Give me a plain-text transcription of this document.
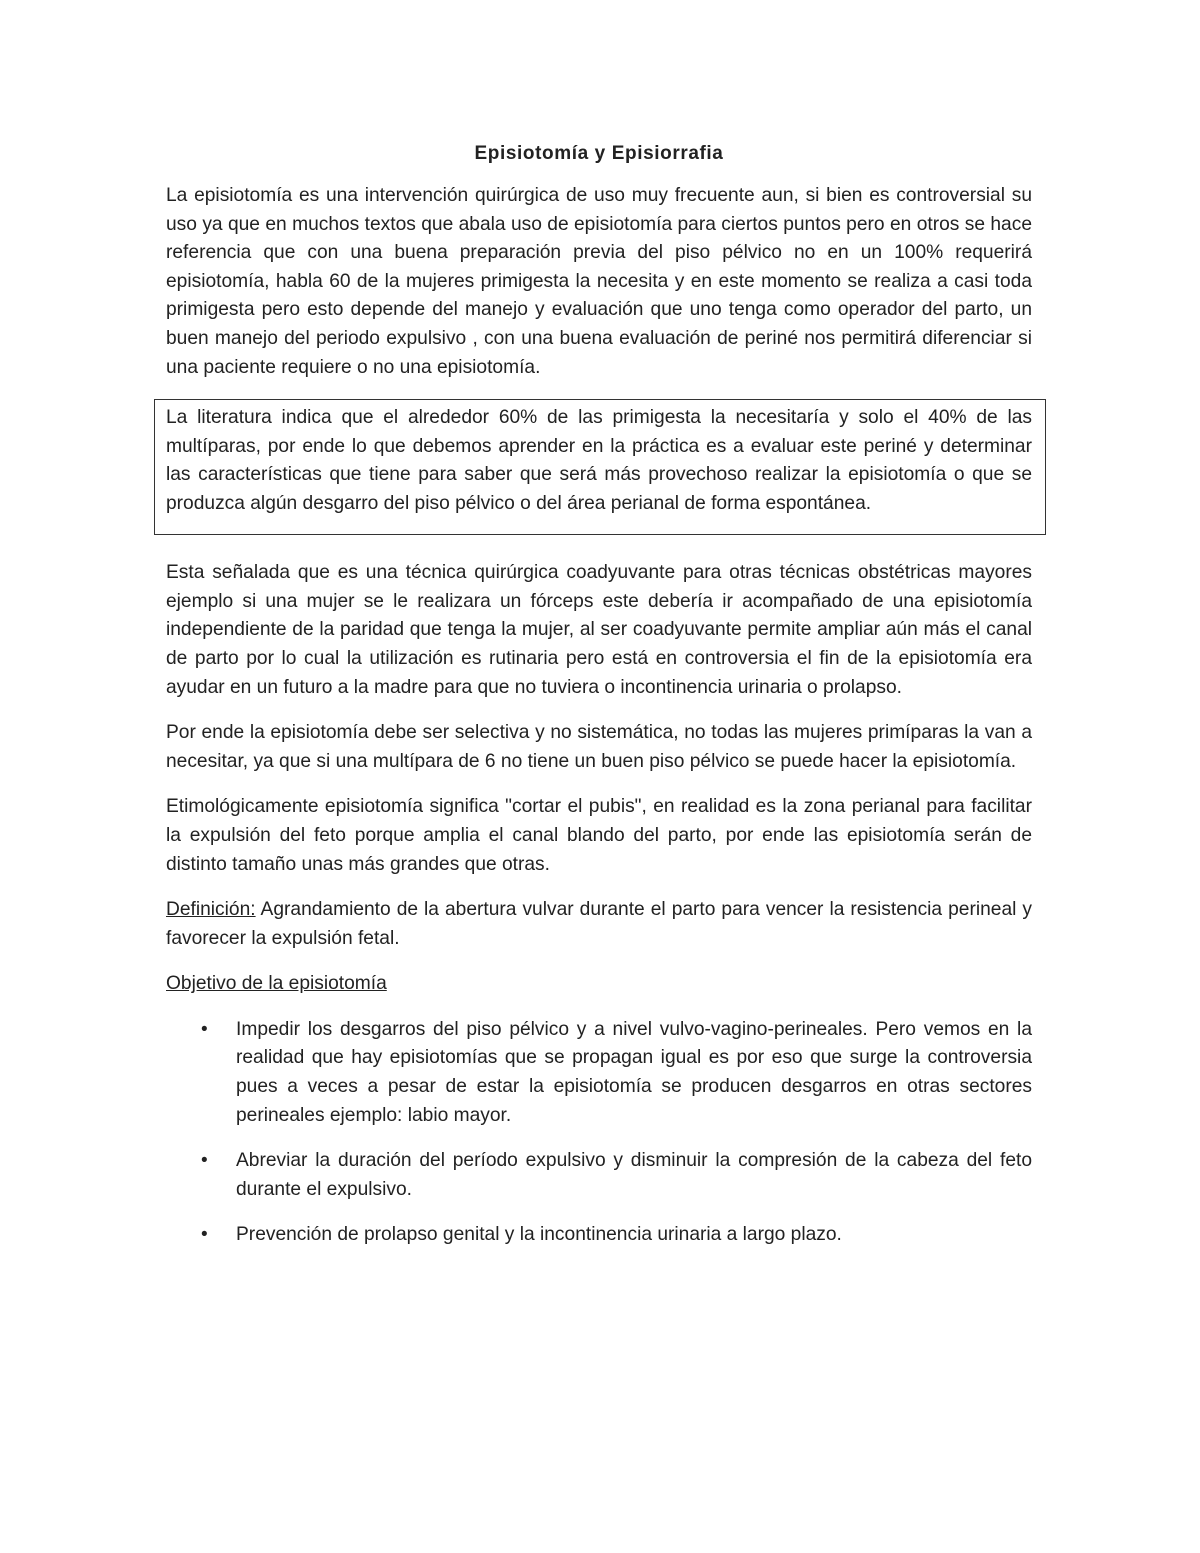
Episiotomía y Episiorrafia

La episiotomía es una intervención quirúrgica de uso muy frecuente aun, si bien es controversial su uso ya que en muchos textos que abala uso de episiotomía para ciertos puntos pero en otros se hace referencia que con una buena preparación previa del piso pélvico no en un 100% requerirá episiotomía, habla 60 de la mujeres primigesta la necesita y en este momento se realiza a casi toda primigesta pero esto depende del manejo y evaluación que uno tenga como operador del parto, un buen manejo del periodo expulsivo , con una buena evaluación de periné nos permitirá diferenciar si una paciente requiere o no una episiotomía.

La literatura indica que el alrededor 60% de las primigesta la necesitaría y solo el 40% de las multíparas, por ende lo que debemos aprender en la práctica es a evaluar este periné y determinar las características que tiene para saber que será más provechoso realizar la episiotomía o que se produzca algún desgarro del piso pélvico o del área perianal de forma espontánea.

Esta señalada que es una técnica quirúrgica coadyuvante para otras técnicas obstétricas mayores ejemplo si una mujer se le realizara un fórceps este debería ir acompañado de una episiotomía independiente de la paridad que tenga la mujer, al ser coadyuvante permite ampliar aún más el canal de parto por lo cual la utilización es rutinaria pero está en controversia el fin de la episiotomía era ayudar en un futuro a la madre para que no tuviera o incontinencia urinaria o prolapso.

Por ende la episiotomía debe ser selectiva y no sistemática, no todas las mujeres primíparas la van a necesitar, ya que si una multípara de 6 no tiene un buen piso pélvico se puede hacer la episiotomía.

Etimológicamente episiotomía significa "cortar el pubis", en realidad es la zona perianal para facilitar la expulsión del feto porque amplia el canal blando del parto, por ende las episiotomía serán de distinto tamaño unas más grandes que otras.

Definición: Agrandamiento de la abertura vulvar durante el parto para vencer la resistencia perineal y favorecer la expulsión fetal.

Objetivo de la episiotomía

• Impedir los desgarros del piso pélvico y a nivel vulvo-vagino-perineales. Pero vemos en la realidad que hay episiotomías que se propagan igual es por eso que surge la controversia pues a veces a pesar de estar la episiotomía se producen desgarros en otras sectores perineales ejemplo: labio mayor.

• Abreviar la duración del período expulsivo y disminuir la compresión de la cabeza del feto durante el expulsivo.

• Prevención de prolapso genital y la incontinencia urinaria a largo plazo.
